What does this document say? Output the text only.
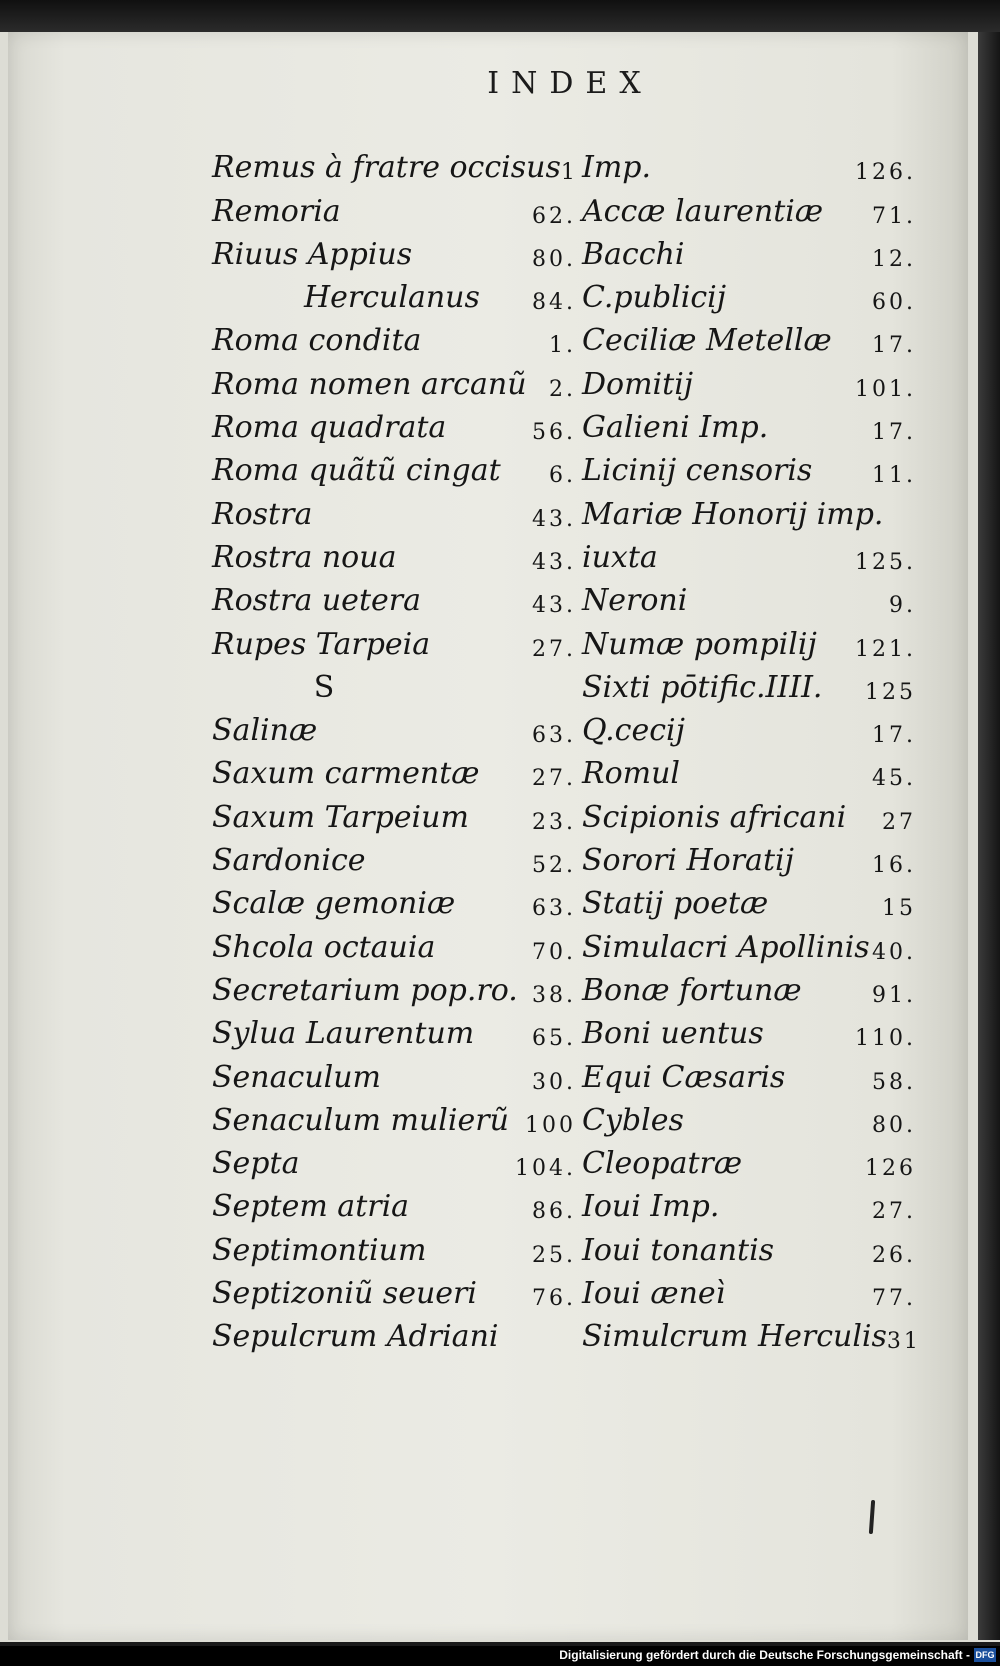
INDEX
Remus à fratre occisus 1
Remoria	62.
Riuus Appius	80.
Herculanus 84.
Roma condita	1.
Roma nomen arcanũ 2.
Roma quadrata	56.
Roma quãtũ cingat 6.
Rostra	43.
Rostra noua	43.
Rostra uetera	43.
Rupes Tarpeia	27.
S
Salinæ	63.
Saxum carmentæ 27.
Saxum Tarpeium	23.
Sardonice	52.
Scalæ gemoniæ	63.
Shcola octauia	70.
Secretarium pop.ro. 38.
Sylua Laurentum	65.
Senaculum	30.
Senaculum mulierũ 100
Septa	104.
Septem atria	86.
Septimontium	25.
Septizoniũ seueri	76.
Sepulcrum Adriani
Imp.	126.
Accæ laurentiæ 71.
Bacchi	12.
C.publicij	60.
Ceciliæ Metellæ 17.
Domitij	101.
Galieni Imp.	17.
Licinij censoris	11.
Mariæ Honorij imp.
iuxta	125.
Neroni	9.
Numæ pompilij 121.
Sixti pōtific.IIII. 125
Q.cecij	17.
Romul	45.
Scipionis africani 27
Sorori Horatij	16.
Statij poetæ	15
Simulacri Apollinis 40.
Bonæ fortunæ	91.
Boni uentus	110.
Equi Cæsaris	58.
Cybles	80.
Cleopatræ	126
Ioui Imp.	27.
Ioui tonantis	26.
Ioui æneì	77.
Simulcrum Herculis 31
Digitalisierung gefördert durch die Deutsche Forschungsgemeinschaft - DFG
